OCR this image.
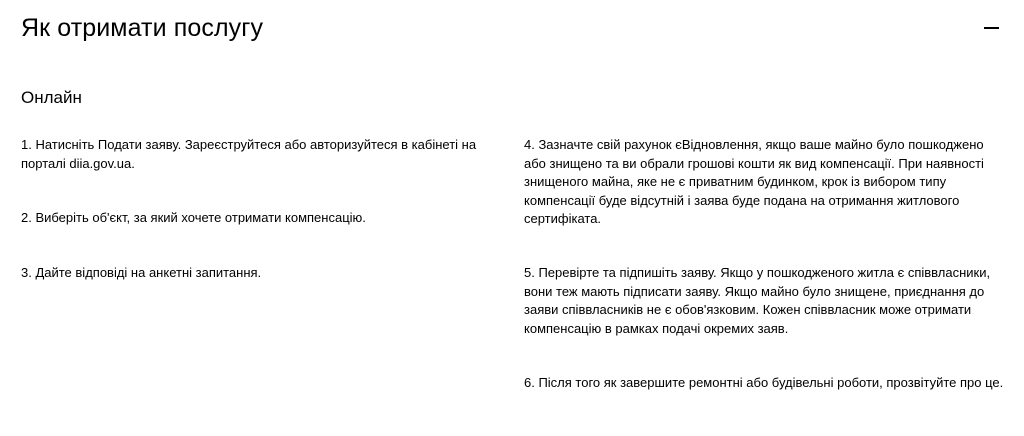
Як отримати послугу
Онлайн

1. Натисніть Подати заяву. Зареєструйтеся або авторизуйтеся в кабінеті на порталі diia.gov.ua.

2. Виберіть об'єкт, за який хочете отримати компенсацію.

3. Дайте відповіді на анкетні запитання.

4. Зазначте свій рахунок єВідновлення, якщо ваше майно було пошкоджено або знищено та ви обрали грошові кошти як вид компенсації. При наявності знищеного майна, яке не є приватним будинком, крок із вибором типу компенсації буде відсутній і заява буде подана на отримання житлового сертифіката.

5. Перевірте та підпишіть заяву. Якщо у пошкодженого житла є співвласники, вони теж мають підписати заяву. Якщо майно було знищене, приєднання до заяви співвласників не є обов'язковим. Кожен співвласник може отримати компенсацію в рамках подачі окремих заяв.

6. Після того як завершите ремонтні або будівельні роботи, прозвітуйте про це.
